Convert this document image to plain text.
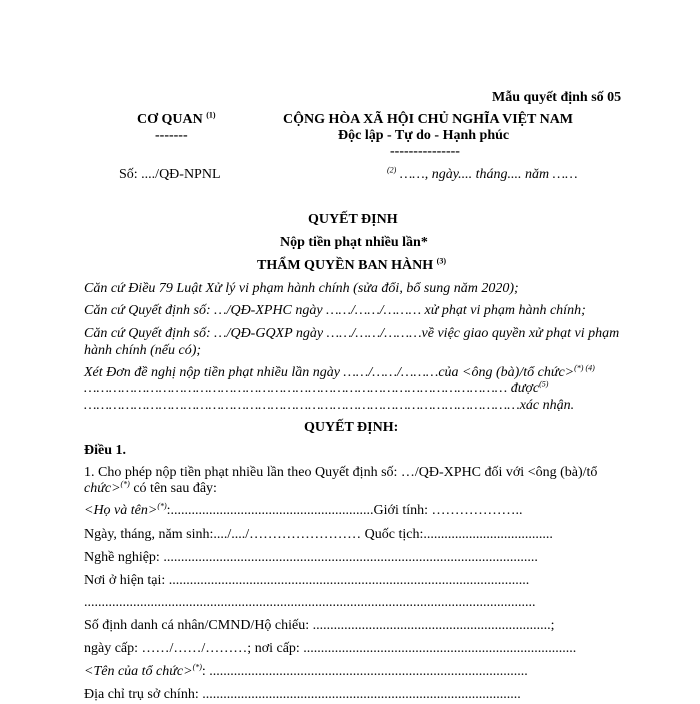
Mẫu quyết định số 05
CƠ QUAN $^{(1)}$
-------
CỘNG HÒA XÃ HỘI CHỦ NGHĨA VIỆT NAM
Độc lập - Tự do - Hạnh phúc
---------------
Số: ..../QĐ-NPNL	$^{(2)}$ ……, ngày.... tháng.... năm ……
QUYẾT ĐỊNH
Nộp tiền phạt nhiều lần*
THẨM QUYỀN BAN HÀNH $^{(3)}$
Căn cứ Điều 79 Luật Xử lý vi phạm hành chính (sửa đổi, bổ sung năm 2020);
Căn cứ Quyết định số: …/QĐ-XPHC ngày ……/……/……… xử phạt vi phạm hành chính;
Căn cứ Quyết định số: …/QĐ-GQXP ngày ……/……/………về việc giao quyền xử phạt vi phạm
hành chính (nếu có);
Xét Đơn đề nghị nộp tiền phạt nhiều lần ngày ……/……/………của <ông (bà)/tổ chức>$^{(*) (4)}$
………………………………………………………………………………………… được$^{(5)}$
……………………………………………………………………………………………xác nhận.
QUYẾT ĐỊNH:
Điều 1.
1. Cho phép nộp tiền phạt nhiều lần theo Quyết định số: …/QĐ-XPHC đối với <ông (bà)/tổ
chức>(*) có tên sau đây:
<Họ và tên>(*):..........................................................Giới tính: ………………..
Ngày, tháng, năm sinh:..../..../…………………… Quốc tịch:.....................................
Nghề nghiệp: ...........................................................................................................
Nơi ở hiện tại: .......................................................................................................
.................................................................................................................................
Số định danh cá nhân/CMND/Hộ chiếu: ....................................................................;
ngày cấp: ……/……/………; nơi cấp: ..............................................................................
<Tên của tổ chức>(*): ...........................................................................................
Địa chỉ trụ sở chính: ...........................................................................................
